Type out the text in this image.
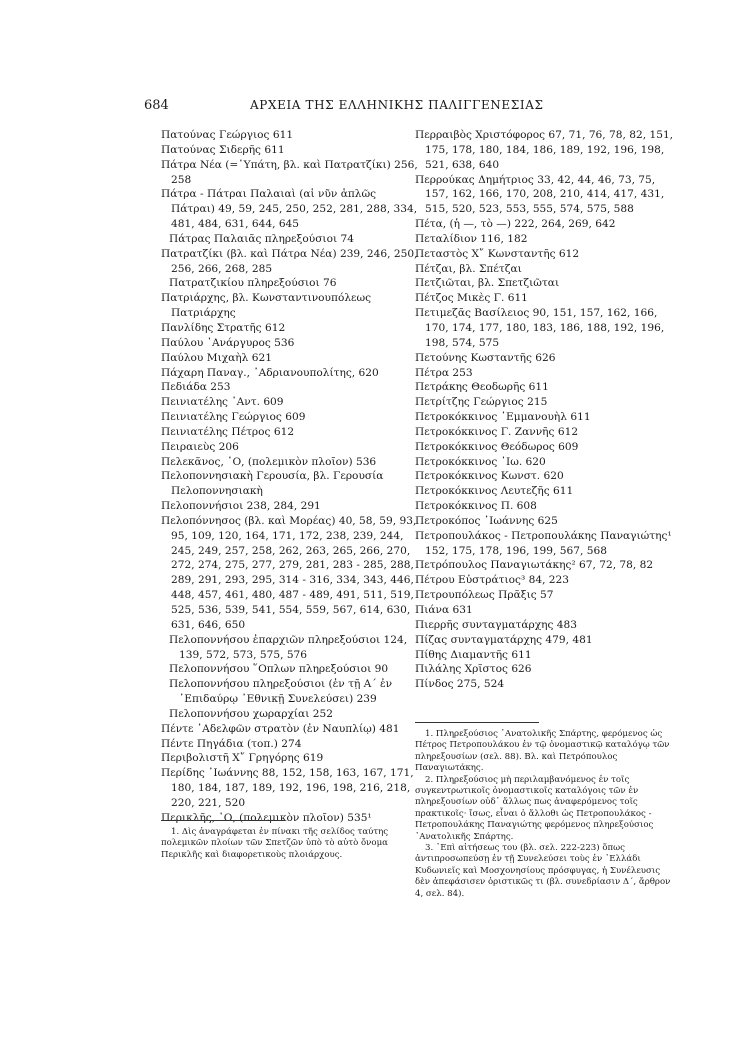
684	ΑΡΧΕΙΑ ΤΗΣ ΕΛΛΗΝΙΚΗΣ ΠΑΛΙΓΓΕΝΕΣΙΑΣ

Πατούνας Γεώργιος 611

Πατούνας Σιδερῆς 611

Πάτρα Νέα (=῾Υπάτη, βλ. καὶ Πατρατζίκι) 256, 258

Πάτρα - Πάτραι Παλαιαὶ (αἱ νῦν ἁπλῶς Πάτραι) 49, 59, 245, 250, 252, 281, 288, 334, 481, 484, 631, 644, 645

Πάτρας Παλαιᾶς πληρεξούσιοι 74

Πατρατζίκι (βλ. καὶ Πάτρα Νέα) 239, 246, 250, 256, 266, 268, 285

Πατρατζικίου πληρεξούσιοι 76

Πατριάρχης, βλ. Κωνσταντινουπόλεως Πατριάρχης

Πανλίδης Στρατῆς 612

Παύλου ᾿Ανάργυρος 536

Παύλου Μιχαὴλ 621

Πάχαρη Παναγ., ᾿Αδριανουπολίτης, 620

Πεδιάδα 253

Πεινιατέλης ᾿Αντ. 609

Πεινιατέλης Γεώργιος 609

Πεινιατέλης Πέτρος 612

Πειραιεὺς 206

Πελεκᾶνος, ῾Ο, (πολεμικὸν πλοῖον) 536

Πελοποννησιακὴ Γερουσία, βλ. Γερουσία Πελοποννησιακὴ

Πελοποννήσιοι 238, 284, 291

Πελοπόννησος (βλ. καὶ Μορέας) 40, 58, 59, 93, 95, 109, 120, 164, 171, 172, 238, 239, 244, 245, 249, 257, 258, 262, 263, 265, 266, 270, 272, 274, 275, 277, 279, 281, 283 - 285, 288, 289, 291, 293, 295, 314 - 316, 334, 343, 446, 448, 457, 461, 480, 487 - 489, 491, 511, 519, 525, 536, 539, 541, 554, 559, 567, 614, 630, 631, 646, 650

Πελοποννήσου ἐπαρχιῶν πληρεξούσιοι 124, 139, 572, 573, 575, 576

Πελοποννήσου ῞Οπλων πληρεξούσιοι 90

Πελοποννήσου πληρεξούσιοι (ἐν τῇ Α´ ἐν ᾿Επιδαύρῳ ᾿Εθνικῇ Συνελεύσει) 239

Πελοποννήσου χωραρχίαι 252

Πέντε ᾿Αδελφῶν στρατὸν (ἐν Ναυπλίῳ) 481

Πέντε Πηγάδια (τοπ.) 274

Περιβολιστῆ Χ῎ Γρηγόρης 619

Περίδης ᾿Ιωάννης 88, 152, 158, 163, 167, 171, 180, 184, 187, 189, 192, 196, 198, 216, 218, 220, 221, 520

Περικλῆς, ῾Ο, (πολεμικὸν πλοῖον) 535¹

Περραιβὸς Χριστόφορος 67, 71, 76, 78, 82, 151, 175, 178, 180, 184, 186, 189, 192, 196, 198, 521, 638, 640

Περρούκας Δημήτριος 33, 42, 44, 46, 73, 75, 157, 162, 166, 170, 208, 210, 414, 417, 431, 515, 520, 523, 553, 555, 574, 575, 588

Πέτα, (ἡ —, τὸ —) 222, 264, 269, 642

Πεταλίδιον 116, 182

Πεταστὸς Χ῎ Κωνσταντῆς 612

Πέτζαι, βλ. Σπέτζαι

Πετζιῶται, βλ. Σπετζιῶται

Πέτζος Μικὲς Γ. 611

Πετιμεζᾶς Βασίλειος 90, 151, 157, 162, 166, 170, 174, 177, 180, 183, 186, 188, 192, 196, 198, 574, 575

Πετούνης Κωσταντῆς 626

Πέτρα 253

Πετράκης Θεοδωρῆς 611

Πετρίτζης Γεώργιος 215

Πετροκόκκινος ᾿Εμμανουὴλ 611

Πετροκόκκινος Γ. Ζαννῆς 612

Πετροκόκκινος Θεόδωρος 609

Πετροκόκκινος ᾿Ιω. 620

Πετροκόκκινος Κωνστ. 620

Πετροκόκκινος Λευτεζῆς 611

Πετροκόκκινος Π. 608

Πετροκόπος ᾿Ιωάννης 625

Πετροπουλάκος - Πετροπουλάκης Παναγιώτης¹ 152, 175, 178, 196, 199, 567, 568

Πετρόπουλος Παναγιωτάκης² 67, 72, 78, 82

Πέτρου Εὐστράτιος³ 84, 223

Πετρουπόλεως Πρᾶξις 57

Πιάνα 631

Πιερρῆς συνταγματάρχης 483

Πίζας συνταγματάρχης 479, 481

Πίθης Διαμαντῆς 611

Πιλάλης Χρῖστος 626

Πίνδος 275, 524

1. Δὶς ἀναγράφεται ἐν πίνακι τῆς σελίδος ταύτης πολεμικῶν πλοίων τῶν Σπετζῶν ὑπὸ τὸ αὐτὸ ὄνομα Περικλῆς καὶ διαφορετικοὺς πλοιάρχους.

1. Πληρεξούσιος ᾿Ανατολικῆς Σπάρτης, φερόμενος ὡς Πέτρος Πετροπουλάκου ἐν τῷ ὀνομαστικῷ καταλόγῳ τῶν πληρεξουσίων (σελ. 88). Βλ. καὶ Πετρόπουλος Παναγιωτάκης.

2. Πληρεξούσιος μὴ περιλαμβανόμενος ἐν τοῖς συγκεντρωτικοῖς ὀνομαστικοῖς καταλόγοις τῶν ἐν πληρεξουσίων οὐδ᾿ ἄλλως πως ἀναφερόμενος τοῖς πρακτικοῖς· ἴσως, εἶναι ὁ ἄλλοθι ὡς Πετροπουλάκος - Πετροπουλάκης Παναγιώτης φερόμενος πληρεξούσιος ᾿Ανατολικῆς Σπάρτης.

3. ᾿Επὶ αἰτήσεως του (βλ. σελ. 222-223) ὅπως ἀντιπροσωπεύσῃ ἐν τῇ Συνελεύσει τοὺς ἐν ῾Ελλάδι Κυδωνιεῖς καὶ Μοσχονησίους πρόσφυγας, ἡ Συνέλευσις δὲν ἀπεφάσισεν ὁριστικῶς τι (βλ. συνεδρίασιν Δ´, ἄρθρον 4, σελ. 84).
